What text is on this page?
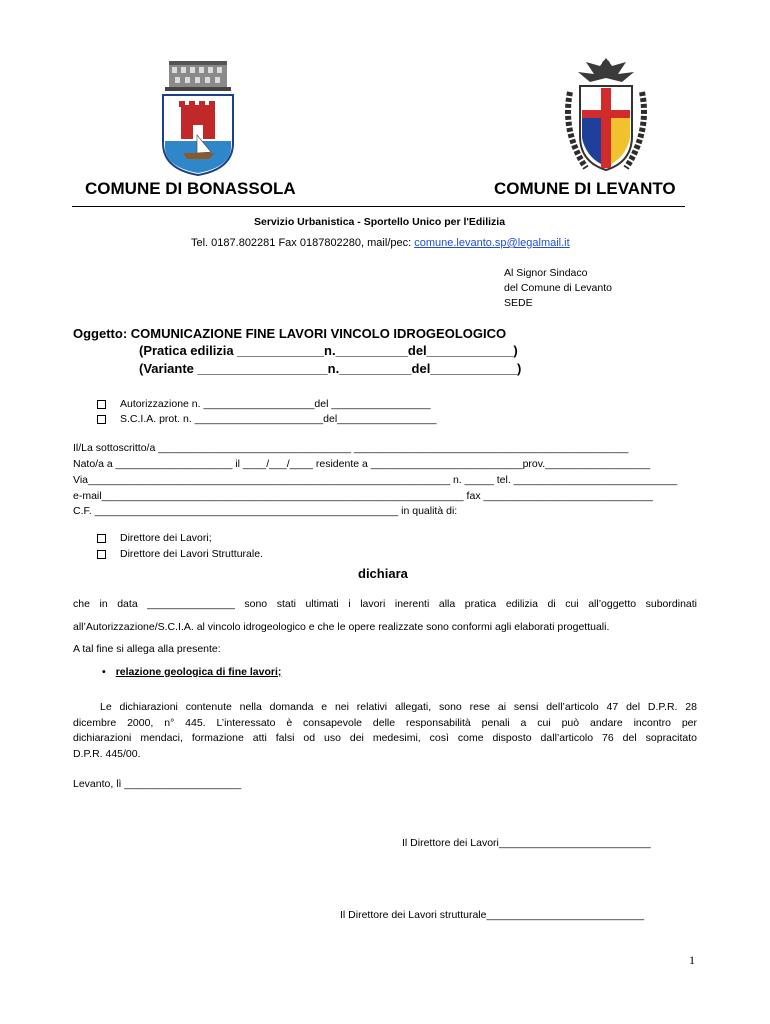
COMUNE DI BONASSOLA	COMUNE DI LEVANTO
Servizio Urbanistica - Sportello Unico per l'Edilizia
Tel. 0187.802281 Fax 0187802280, mail/pec: comune.levanto.sp@legalmail.it
Al Signor Sindaco
del Comune di Levanto
SEDE
Oggetto: COMUNICAZIONE FINE LAVORI VINCOLO IDROGEOLOGICO
(Pratica edilizia ____________n.__________del____________)
(Variante __________________n.__________del____________)
Autorizzazione n. ___________________del _________________
S.C.I.A. prot. n. ______________________del_________________
Il/La sottoscritto/a _________________________________ _______________________________________________
Nato/a a ____________________ il ____/___/____ residente a __________________________prov.__________________
Via______________________________________________________________ n. _____ tel. ____________________________
e-mail______________________________________________________________ fax _____________________________
C.F. ____________________________________________________ in qualità di:
Direttore dei Lavori;
Direttore dei Lavori Strutturale.
dichiara
che in data _______________ sono stati ultimati i lavori inerenti alla pratica edilizia di cui all’oggetto subordinati
all’Autorizzazione/S.C.I.A. al vincolo idrogeologico e che le opere realizzate sono conformi agli elaborati progettuali.
A tal fine si allega alla presente:
• relazione geologica di fine lavori;
Le dichiarazioni contenute nella domanda e nei relativi allegati, sono rese ai sensi dell’articolo 47 del D.P.R. 28
dicembre 2000, n° 445. L’interessato è consapevole delle responsabilità penali a cui può andare incontro per
dichiarazioni mendaci, formazione atti falsi od uso dei medesimi, così come disposto dall’articolo 76 del sopracitato
D.P.R. 445/00.
Levanto, lì ____________________
Il Direttore dei Lavori__________________________
Il Direttore dei Lavori strutturale___________________________
1
